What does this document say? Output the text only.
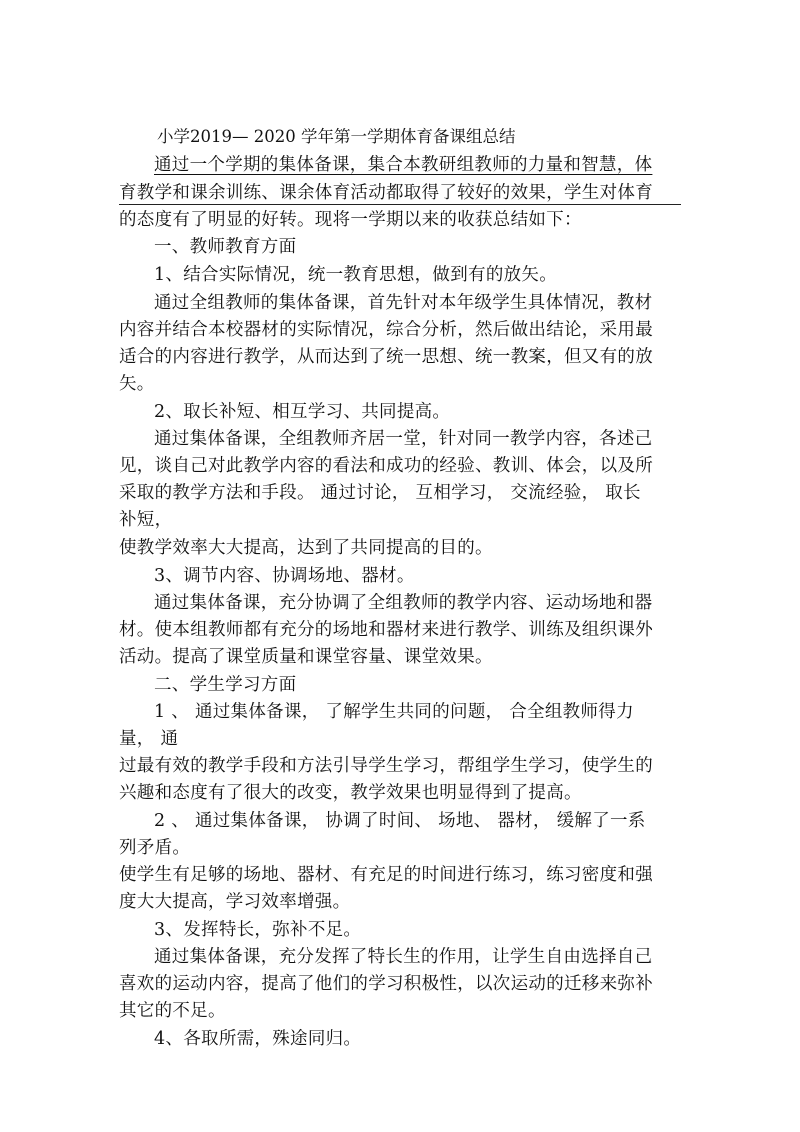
小学2019— 2020 学年第一学期体育备课组总结
通过一个学期的集体备课，集合本教研组教师的力量和智慧，体
育教学和课余训练、课余体育活动都取得了较好的效果，学生对体育
的态度有了明显的好转。现将一学期以来的收获总结如下：
一、教师教育方面
1、结合实际情况，统一教育思想，做到有的放矢。
通过全组教师的集体备课，首先针对本年级学生具体情况，教材
内容并结合本校器材的实际情况，综合分析，然后做出结论，采用最
适合的内容进行教学，从而达到了统一思想、统一教案，但又有的放
矢。
2、取长补短、相互学习、共同提高。
通过集体备课，全组教师齐居一堂，针对同一教学内容，各述己
见，谈自己对此教学内容的看法和成功的经验、教训、体会，以及所
采取的教学方法和手段。 通过讨论， 互相学习， 交流经验， 取长
补短，
使教学效率大大提高，达到了共同提高的目的。
3、调节内容、协调场地、器材。
通过集体备课，充分协调了全组教师的教学内容、运动场地和器
材。使本组教师都有充分的场地和器材来进行教学、训练及组织课外
活动。提高了课堂质量和课堂容量、课堂效果。
二、学生学习方面
1 、 通过集体备课， 了解学生共同的问题， 合全组教师得力
量， 通
过最有效的教学手段和方法引导学生学习，帮组学生学习，使学生的
兴趣和态度有了很大的改变，教学效果也明显得到了提高。
2 、 通过集体备课， 协调了时间、 场地、 器材， 缓解了一系
列矛盾。
使学生有足够的场地、器材、有充足的时间进行练习，练习密度和强
度大大提高，学习效率增强。
3、发挥特长，弥补不足。
通过集体备课，充分发挥了特长生的作用，让学生自由选择自己
喜欢的运动内容，提高了他们的学习积极性，以次运动的迁移来弥补
其它的不足。
4、各取所需，殊途同归。
